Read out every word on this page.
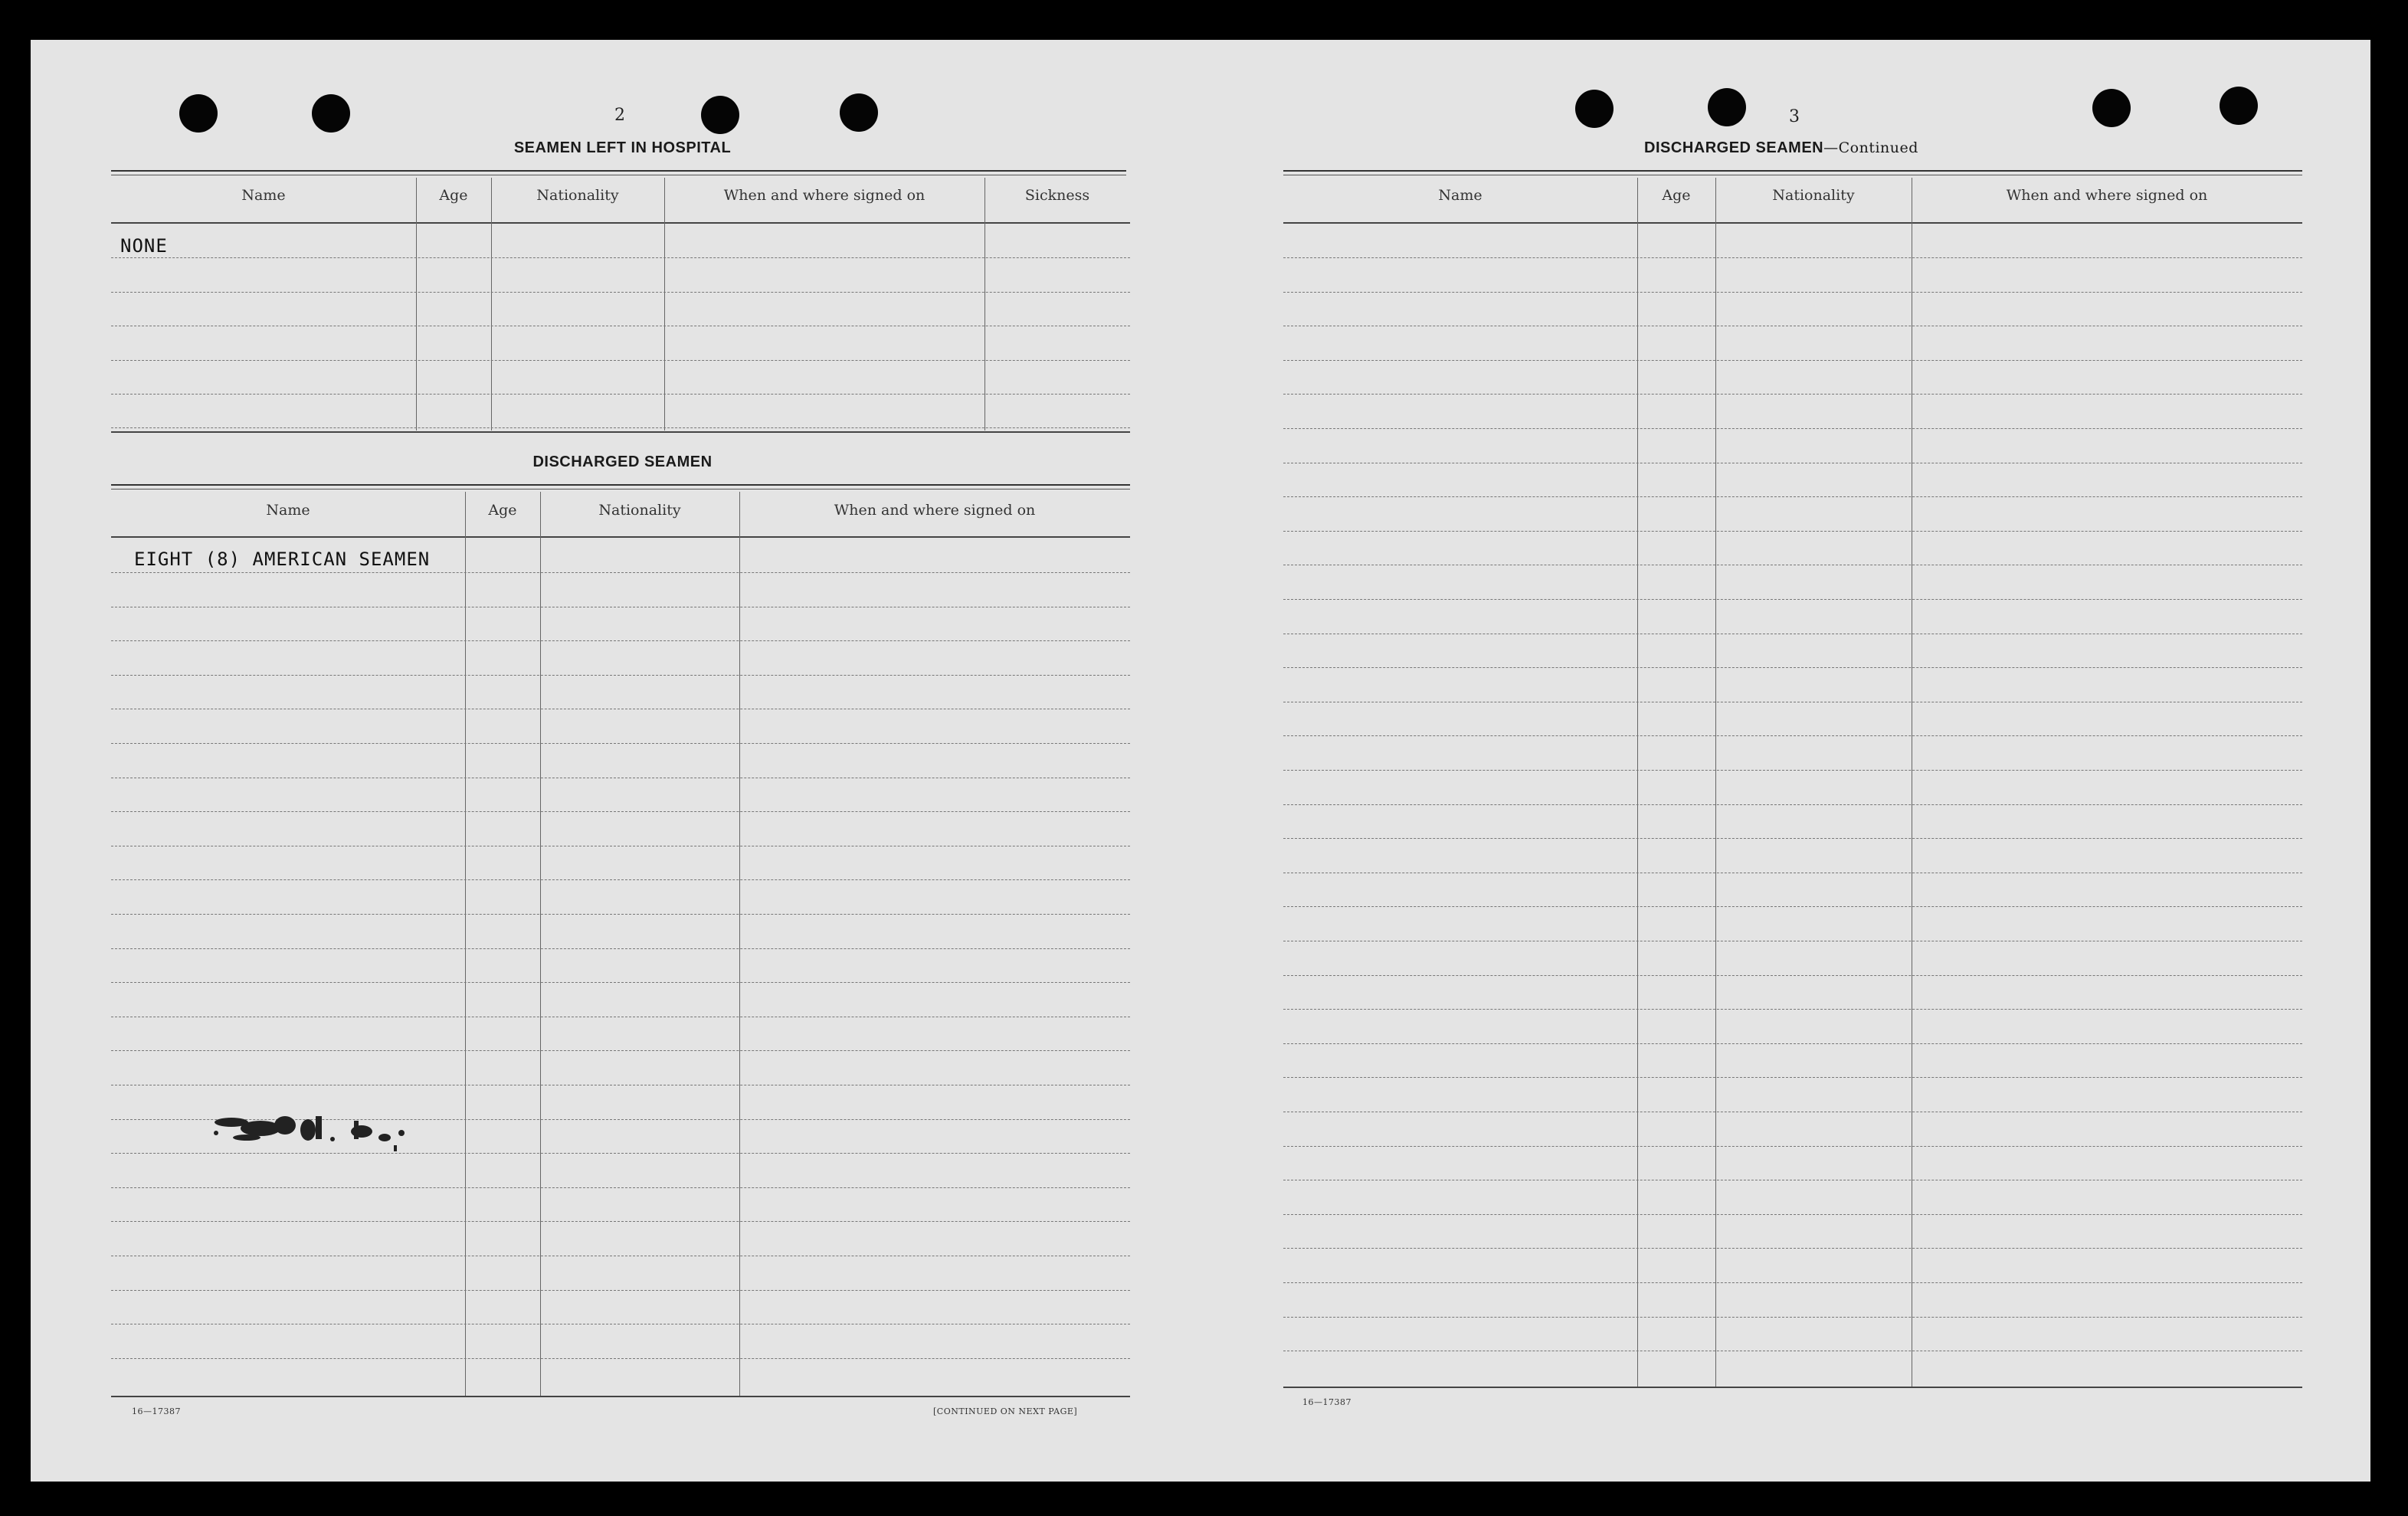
2
SEAMEN LEFT IN HOSPITAL
Name	Age	Nationality	When and where signed on	Sickness
NONE
DISCHARGED SEAMEN
Name	Age	Nationality	When and where signed on
EIGHT (8) AMERICAN SEAMEN
16—17387	[CONTINUED ON NEXT PAGE]
3
DISCHARGED SEAMEN—Continued
Name	Age	Nationality	When and where signed on
16—17387
